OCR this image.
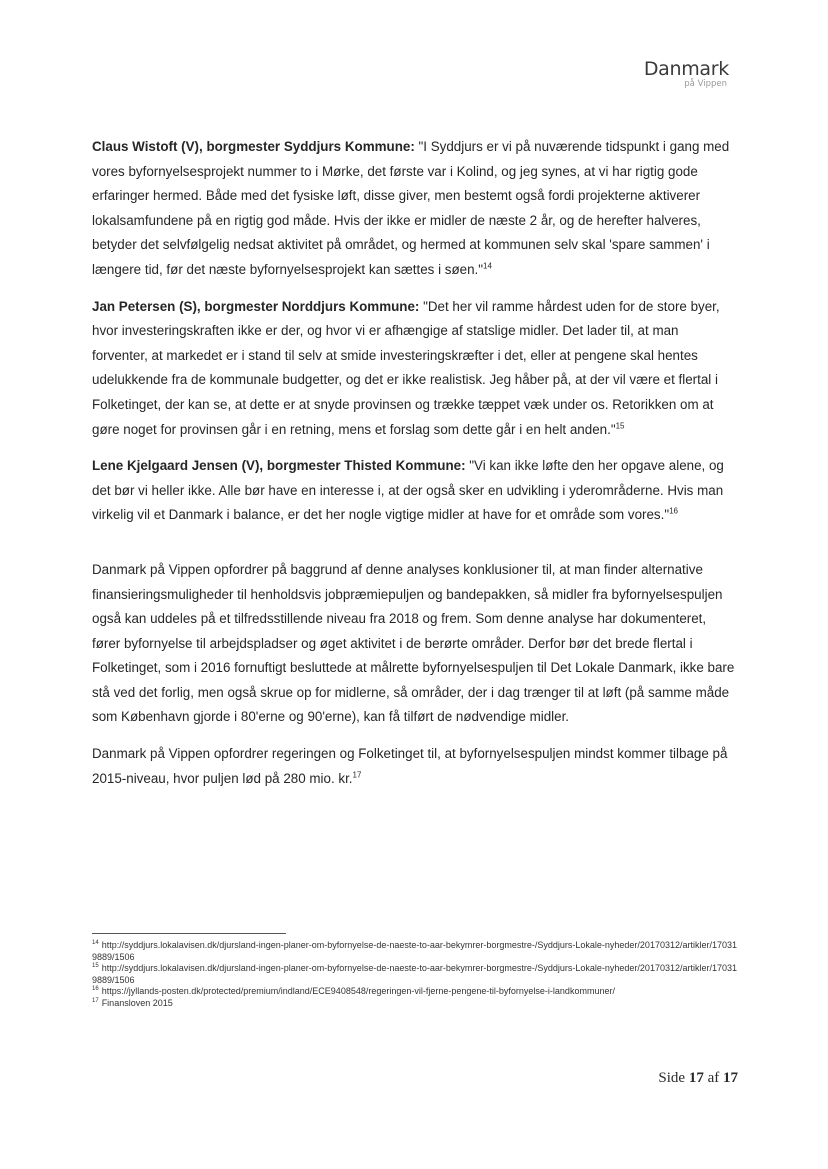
Danmark
på Vippen

Claus Wistoft (V), borgmester Syddjurs Kommune: "I Syddjurs er vi på nuværende tidspunkt i gang med vores byfornyelsesprojekt nummer to i Mørke, det første var i Kolind, og jeg synes, at vi har rigtig gode erfaringer hermed. Både med det fysiske løft, disse giver, men bestemt også fordi projekterne aktiverer lokalsamfundene på en rigtig god måde. Hvis der ikke er midler de næste 2 år, og de herefter halveres, betyder det selvfølgelig nedsat aktivitet på området, og hermed at kommunen selv skal 'spare sammen' i længere tid, før det næste byfornyelsesprojekt kan sættes i søen."$^{14}$

Jan Petersen (S), borgmester Norddjurs Kommune: "Det her vil ramme hårdest uden for de store byer, hvor investeringskraften ikke er der, og hvor vi er afhængige af statslige midler. Det lader til, at man forventer, at markedet er i stand til selv at smide investeringskræfter i det, eller at pengene skal hentes udelukkende fra de kommunale budgetter, og det er ikke realistisk. Jeg håber på, at der vil være et flertal i Folketinget, der kan se, at dette er at snyde provinsen og trække tæppet væk under os. Retorikken om at gøre noget for provinsen går i en retning, mens et forslag som dette går i en helt anden."$^{15}$

Lene Kjelgaard Jensen (V), borgmester Thisted Kommune: "Vi kan ikke løfte den her opgave alene, og det bør vi heller ikke. Alle bør have en interesse i, at der også sker en udvikling i yderområderne. Hvis man virkelig vil et Danmark i balance, er det her nogle vigtige midler at have for et område som vores."$^{16}$

Danmark på Vippen opfordrer på baggrund af denne analyses konklusioner til, at man finder alternative finansieringsmuligheder til henholdsvis jobpræmiepuljen og bandepakken, så midler fra byfornyelsespuljen også kan uddeles på et tilfredsstillende niveau fra 2018 og frem. Som denne analyse har dokumenteret, fører byfornyelse til arbejdspladser og øget aktivitet i de berørte områder. Derfor bør det brede flertal i Folketinget, som i 2016 fornuftigt besluttede at målrette byfornyelsespuljen til Det Lokale Danmark, ikke bare stå ved det forlig, men også skrue op for midlerne, så områder, der i dag trænger til at løft (på samme måde som København gjorde i 80'erne og 90'erne), kan få tilført de nødvendige midler.

Danmark på Vippen opfordrer regeringen og Folketinget til, at byfornyelsespuljen mindst kommer tilbage på 2015-niveau, hvor puljen lød på 280 mio. kr.$^{17}$

$^{14}$ http://syddjurs.lokalavisen.dk/djursland-ingen-planer-om-byfornyelse-de-naeste-to-aar-bekymrer-borgmestre-/Syddjurs-Lokale-nyheder/20170312/artikler/170319889/1506

$^{15}$ http://syddjurs.lokalavisen.dk/djursland-ingen-planer-om-byfornyelse-de-naeste-to-aar-bekymrer-borgmestre-/Syddjurs-Lokale-nyheder/20170312/artikler/170319889/1506

$^{16}$ https://jyllands-posten.dk/protected/premium/indland/ECE9408548/regeringen-vil-fjerne-pengene-til-byfornyelse-i-landkommuner/

$^{17}$ Finansloven 2015

Side 17 af 17
